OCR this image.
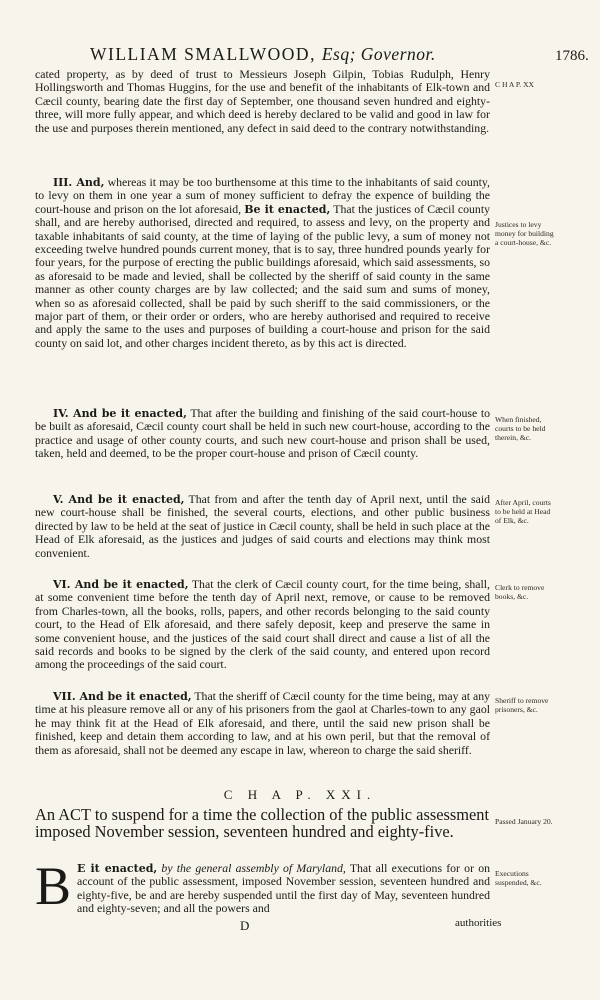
WILLIAM SMALLWOOD, Esq; Governor.	1786.

cated property, as by deed of trust to Messieurs Joseph Gilpin, Tobias Rudulph, Henry Hollingsworth and Thomas Huggins, for the use and benefit of the inhabitants of Elk-town and Cæcil county, bearing date the first day of September, one thousand seven hundred and eighty-three, will more fully appear, and which deed is hereby declared to be valid and good in law for the use and purposes therein mentioned, any defect in said deed to the contrary notwithstanding.

C H A P. XX

III. And, whereas it may be too burthensome at this time to the inhabitants of said county, to levy on them in one year a sum of money sufficient to defray the expence of building the court-house and prison on the lot aforesaid, Be it enacted, That the justices of Cæcil county shall, and are hereby authorised, directed and required, to assess and levy, on the property and taxable inhabitants of said county, at the time of laying of the public levy, a sum of money not exceeding twelve hundred pounds current money, that is to say, three hundred pounds yearly for four years, for the purpose of erecting the public buildings aforesaid, which said assessments, so as aforesaid to be made and levied, shall be collected by the sheriff of said county in the same manner as other county charges are by law collected; and the said sum and sums of money, when so as aforesaid collected, shall be paid by such sheriff to the said commissioners, or the major part of them, or their order or orders, who are hereby authorised and required to receive and apply the same to the uses and purposes of building a court-house and prison for the said county on said lot, and other charges incident thereto, as by this act is directed.

Justices to levy money for building a court-house, &c.

IV. And be it enacted, That after the building and finishing of the said court-house to be built as aforesaid, Cæcil county court shall be held in such new court-house, according to the practice and usage of other county courts, and such new court-house and prison shall be used, taken, held and deemed, to be the proper court-house and prison of Cæcil county.

When finished, courts to be held therein, &c.

V. And be it enacted, That from and after the tenth day of April next, until the said new court-house shall be finished, the several courts, elections, and other public business directed by law to be held at the seat of justice in Cæcil county, shall be held in such place at the Head of Elk aforesaid, as the justices and judges of said courts and elections may think most convenient.

After April, courts to be held at Head of Elk, &c.

VI. And be it enacted, That the clerk of Cæcil county court, for the time being, shall, at some convenient time before the tenth day of April next, remove, or cause to be removed from Charles-town, all the books, rolls, papers, and other records belonging to the said county court, to the Head of Elk aforesaid, and there safely deposit, keep and preserve the same in some convenient house, and the justices of the said court shall direct and cause a list of all the said records and books to be signed by the clerk of the said county, and entered upon record among the proceedings of the said court.

Clerk to remove books, &c.

VII. And be it enacted, That the sheriff of Cæcil county for the time being, may at any time at his pleasure remove all or any of his prisoners from the gaol at Charles-town to any gaol he may think fit at the Head of Elk aforesaid, and there, until the said new prison shall be finished, keep and detain them according to law, and at his own peril, but that the removal of them as aforesaid, shall not be deemed any escape in law, whereon to charge the said sheriff.

Sheriff to remove prisoners, &c.
C H A P. XXI.
An ACT to suspend for a time the collection of the public assessment imposed November session, seventeen hundred and eighty-five.
Passed January 20.

B E it enacted, by the general assembly of Maryland, That all executions for or on account of the public assessment, imposed November session, seventeen hundred and eighty-five, be and are hereby suspended until the first day of May, seventeen hundred and eighty-seven; and all the powers and

Executions suspended, &c.
D	authorities
